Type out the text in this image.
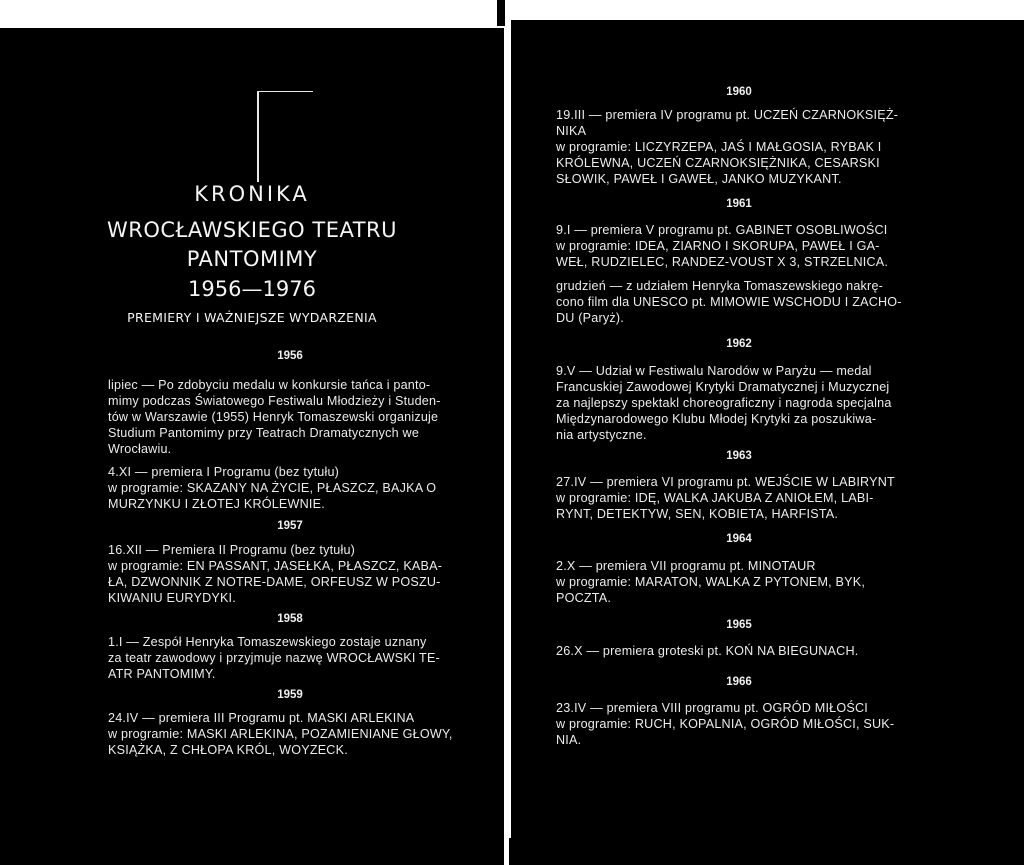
KRONIKA

WROCŁAWSKIEGO TEATRU

PANTOMIMY

1956—1976

PREMIERY I WAŻNIEJSZE WYDARZENIA

1956

lipiec — Po zdobyciu medalu w konkursie tańca i panto-

mimy podczas Światowego Festiwalu Młodzieży i Studen-

tów w Warszawie (1955) Henryk Tomaszewski organizuje

Studium Pantomimy przy Teatrach Dramatycznych we

Wrocławiu.

4.XI — premiera I Programu (bez tytułu)

w programie: SKAZANY NA ŻYCIE, PŁASZCZ, BAJKA O

MURZYNKU I ZŁOTEJ KRÓLEWNIE.

1957

16.XII — Premiera II Programu (bez tytułu)

w programie: EN PASSANT, JASEŁKA, PŁASZCZ, KABA-

ŁA, DZWONNIK Z NOTRE-DAME, ORFEUSZ W POSZU-

KIWANIU EURYDYKI.

1958

1.I — Zespół Henryka Tomaszewskiego zostaje uznany

za teatr zawodowy i przyjmuje nazwę WROCŁAWSKI TE-

ATR PANTOMIMY.

1959

24.IV — premiera III Programu pt. MASKI ARLEKINA

w programie: MASKI ARLEKINA, POZAMIENIANE GŁOWY,

KSIĄŻKA, Z CHŁOPA KRÓL, WOYZECK.

1960

19.III — premiera IV programu pt. UCZEŃ CZARNOKSIĘŻ-

NIKA

w programie: LICZYRZEPA, JAŚ I MAŁGOSIA, RYBAK I

KRÓLEWNA, UCZEŃ CZARNOKSIĘŻNIKA, CESARSKI

SŁOWIK, PAWEŁ I GAWEŁ, JANKO MUZYKANT.

1961

9.I — premiera V programu pt. GABINET OSOBLIWOŚCI

w programie: IDEA, ZIARNO I SKORUPA, PAWEŁ I GA-

WEŁ, RUDZIELEC, RANDEZ-VOUST X 3, STRZELNICA.

grudzień — z udziałem Henryka Tomaszewskiego nakrę-

cono film dla UNESCO pt. MIMOWIE WSCHODU I ZACHO-

DU (Paryż).

1962

9.V — Udział w Festiwalu Narodów w Paryżu — medal

Francuskiej Zawodowej Krytyki Dramatycznej i Muzycznej

za najlepszy spektakl choreograficzny i nagroda specjalna

Międzynarodowego Klubu Młodej Krytyki za poszukiwa-

nia artystyczne.

1963

27.IV — premiera VI programu pt. WEJŚCIE W LABIRYNT

w programie: IDĘ, WALKA JAKUBA Z ANIOŁEM, LABI-

RYNT, DETEKTYW, SEN, KOBIETA, HARFISTA.

1964

2.X — premiera VII programu pt. MINOTAUR

w programie: MARATON, WALKA Z PYTONEM, BYK,

POCZTA.

1965

26.X — premiera groteski pt. KOŃ NA BIEGUNACH.

1966

23.IV — premiera VIII programu pt. OGRÓD MIŁOŚCI

w programie: RUCH, KOPALNIA, OGRÓD MIŁOŚCI, SUK-

NIA.
